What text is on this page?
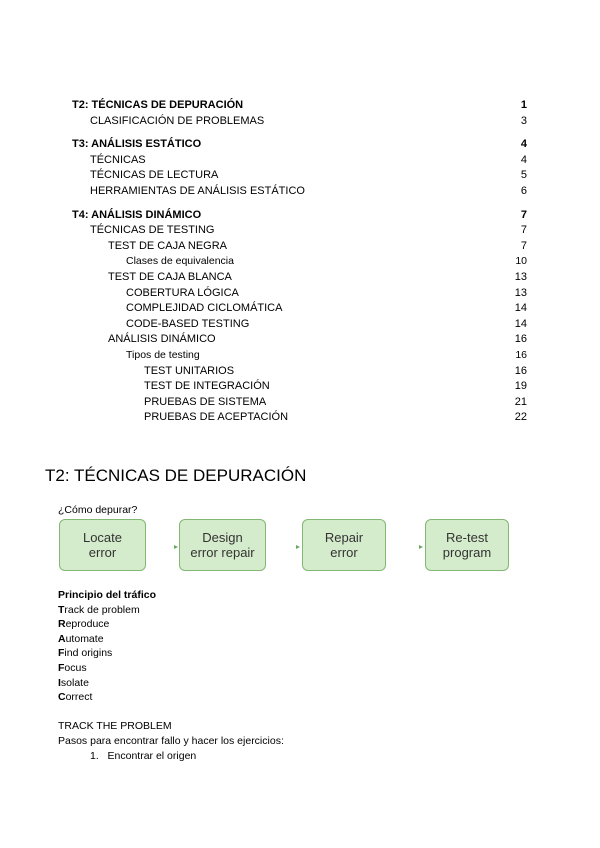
T2: TÉCNICAS DE DEPURACIÓN	1
CLASIFICACIÓN DE PROBLEMAS	3
T3: ANÁLISIS ESTÁTICO	4
TÉCNICAS	4
TÉCNICAS DE LECTURA	5
HERRAMIENTAS DE ANÁLISIS ESTÁTICO	6
T4: ANÁLISIS DINÁMICO	7
TÉCNICAS DE TESTING	7
TEST DE CAJA NEGRA	7
Clases de equivalencia	10
TEST DE CAJA BLANCA	13
COBERTURA LÓGICA	13
COMPLEJIDAD CICLOMÁTICA	14
CODE-BASED TESTING	14
ANÁLISIS DINÁMICO	16
Tipos de testing	16
TEST UNITARIOS	16
TEST DE INTEGRACIÓN	19
PRUEBAS DE SISTEMA	21
PRUEBAS DE ACEPTACIÓN	22
T2: TÉCNICAS DE DEPURACIÓN
¿Cómo depurar?
Locate
error
Design
error repair
Repair
error
Re-test
program
Principio del tráfico
Track de problem
Reproduce
Automate
Find origins
Focus
Isolate
Correct
TRACK THE PROBLEM
Pasos para encontrar fallo y hacer los ejercicios:
1. Encontrar el origen
